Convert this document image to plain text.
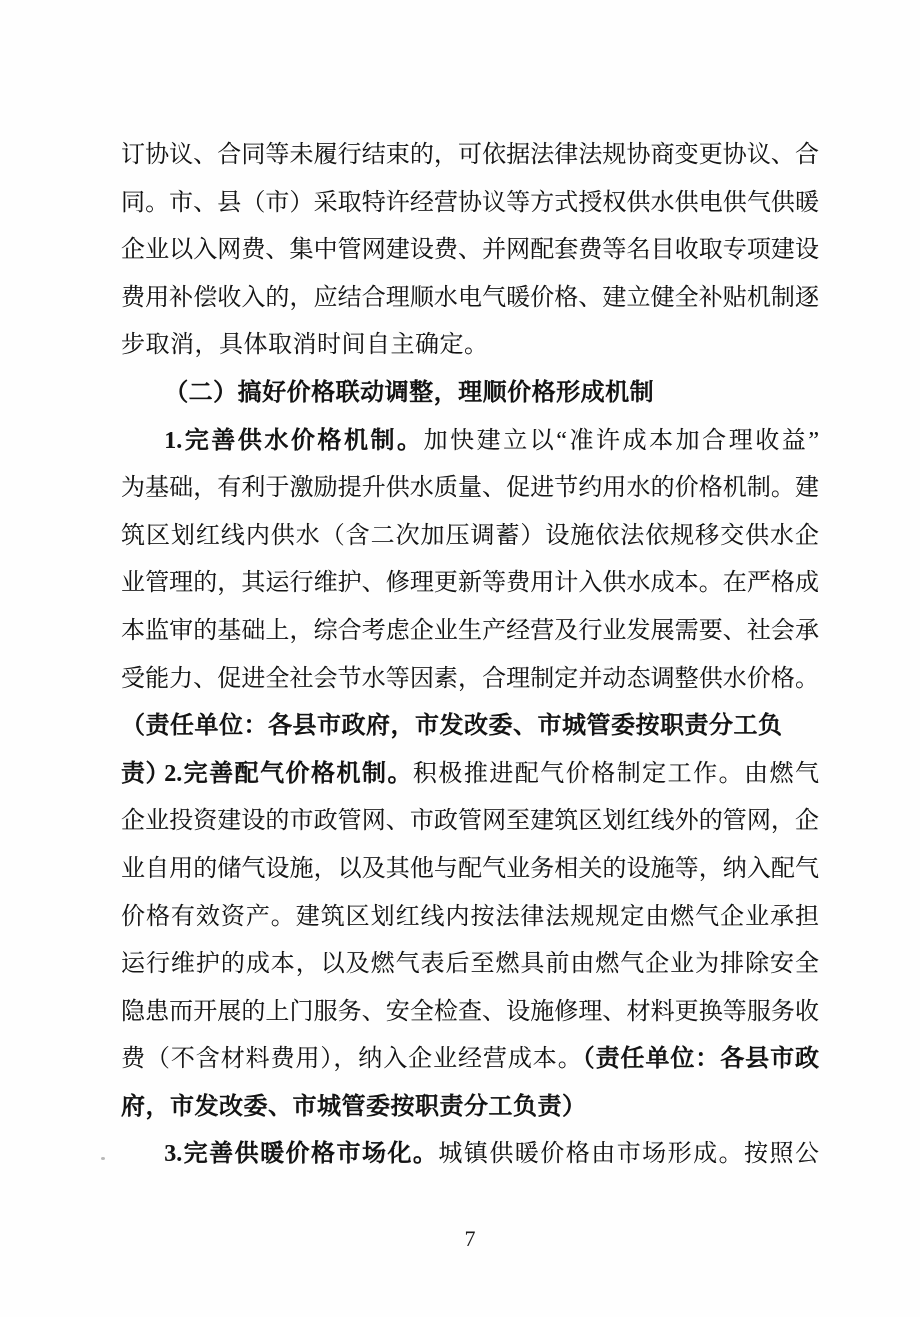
订协议、合同等未履行结束的，可依据法律法规协商变更协议、合
同。市、县（市）采取特许经营协议等方式授权供水供电供气供暖
企业以入网费、集中管网建设费、并网配套费等名目收取专项建设
费用补偿收入的，应结合理顺水电气暖价格、建立健全补贴机制逐
步取消，具体取消时间自主确定。
（二）搞好价格联动调整，理顺价格形成机制
1.完善供水价格机制。加快建立以“准许成本加合理收益”
为基础，有利于激励提升供水质量、促进节约用水的价格机制。建
筑区划红线内供水（含二次加压调蓄）设施依法依规移交供水企
业管理的，其运行维护、修理更新等费用计入供水成本。在严格成
本监审的基础上，综合考虑企业生产经营及行业发展需要、社会承
受能力、促进全社会节水等因素，合理制定并动态调整供水价格。
（责任单位：各县市政府，市发改委、市城管委按职责分工负责）
2.完善配气价格机制。积极推进配气价格制定工作。由燃气
企业投资建设的市政管网、市政管网至建筑区划红线外的管网，企
业自用的储气设施，以及其他与配气业务相关的设施等，纳入配气
价格有效资产。建筑区划红线内按法律法规规定由燃气企业承担
运行维护的成本，以及燃气表后至燃具前由燃气企业为排除安全
隐患而开展的上门服务、安全检查、设施修理、材料更换等服务收
费（不含材料费用），纳入企业经营成本。（责任单位：各县市政
府，市发改委、市城管委按职责分工负责）
3.完善供暖价格市场化。城镇供暖价格由市场形成。按照公
7
